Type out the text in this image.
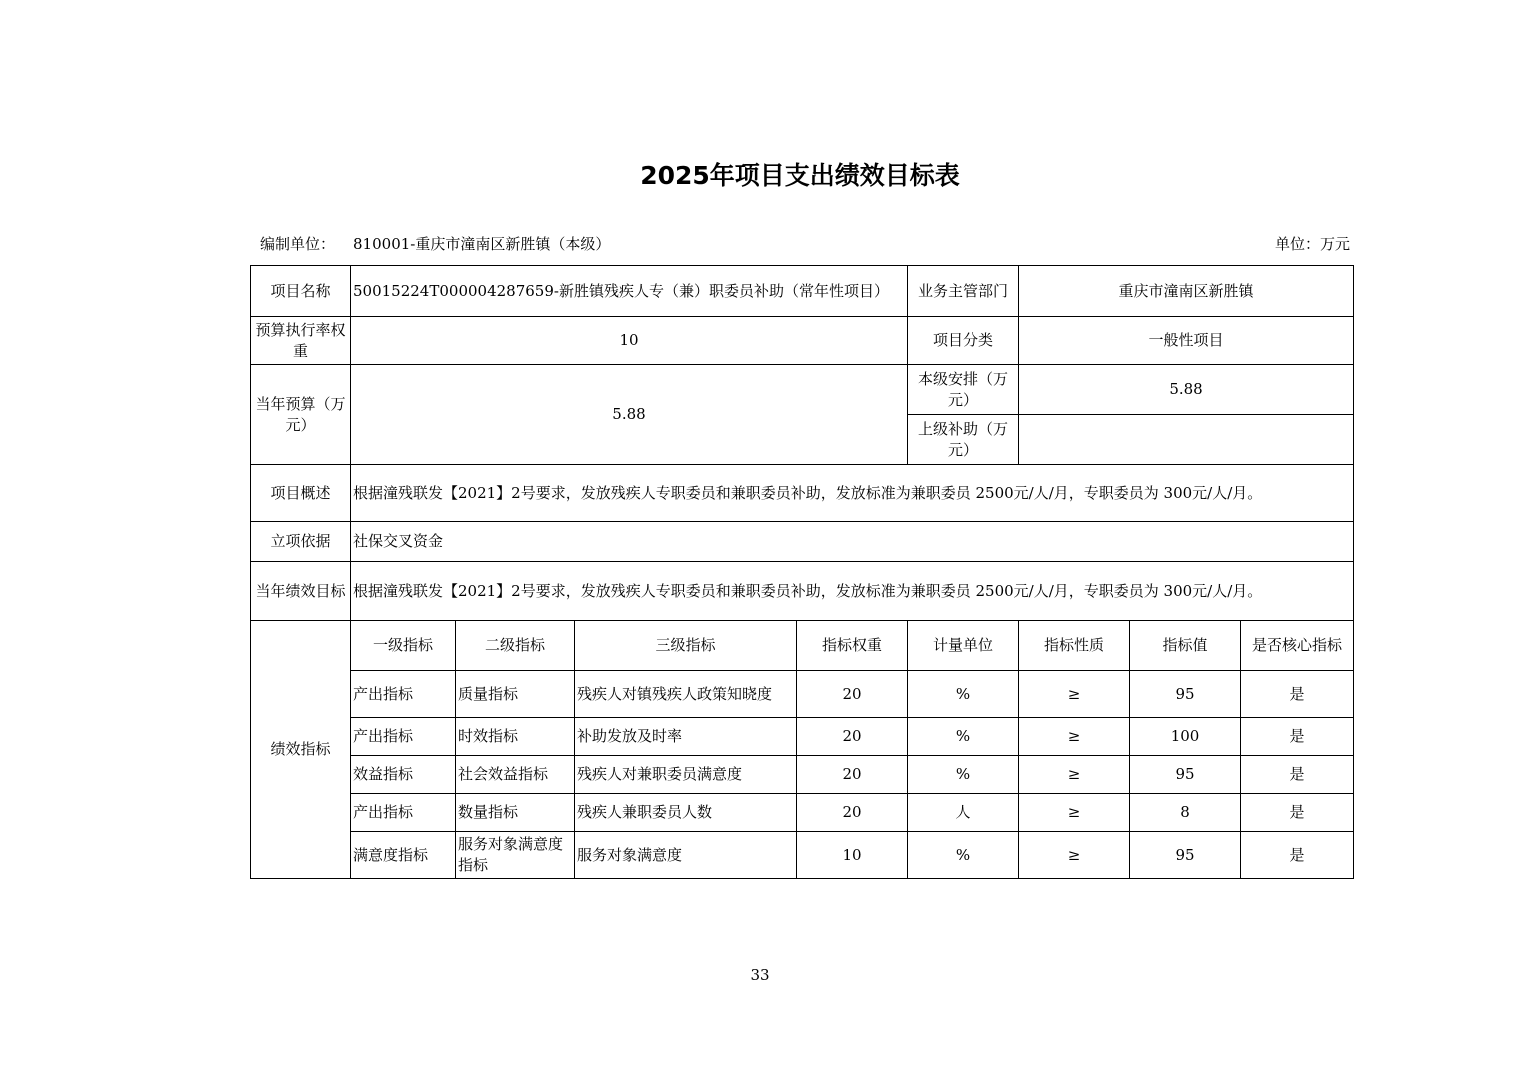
2025年项目支出绩效目标表
编制单位： 810001-重庆市潼南区新胜镇（本级）	单位：万元
项目名称	50015224T000004287659-新胜镇残疾人专（兼）职委员补助（常年性项目）				业务主管部门	重庆市潼南区新胜镇		
预算执行率权重	10				项目分类	一般性项目		
当年预算（万元）	5.88				本级安排（万元）	5.88		
					上级补助（万元）			
项目概述	根据潼残联发【2021】2号要求，发放残疾人专职委员和兼职委员补助，发放标准为兼职委员 2500元/人/月，专职委员为 300元/人/月。							
立项依据	社保交叉资金							
当年绩效目标	根据潼残联发【2021】2号要求，发放残疾人专职委员和兼职委员补助，发放标准为兼职委员 2500元/人/月，专职委员为 300元/人/月。							
绩效指标	一级指标	二级指标	三级指标	指标权重	计量单位	指标性质	指标值	是否核心指标
	产出指标	质量指标	残疾人对镇残疾人政策知晓度	20	%	≥	95	是
	产出指标	时效指标	补助发放及时率	20	%	≥	100	是
	效益指标	社会效益指标	残疾人对兼职委员满意度	20	%	≥	95	是
	产出指标	数量指标	残疾人兼职委员人数	20	人	≥	8	是
	满意度指标	服务对象满意度指标	服务对象满意度	10	%	≥	95	是
33
